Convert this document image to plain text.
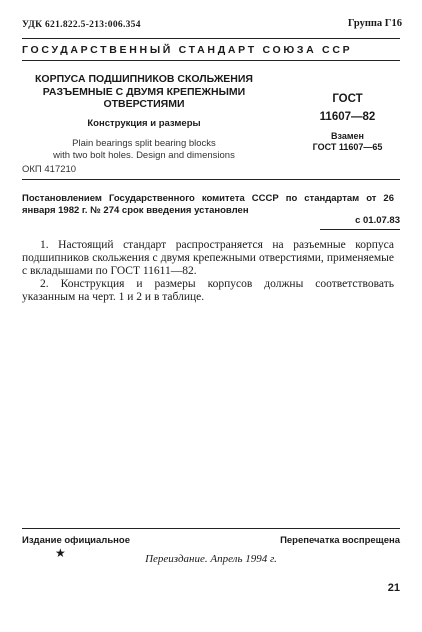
УДК 621.822.5-213:006.354	Группа Г16
ГОСУДАРСТВЕННЫЙ СТАНДАРТ СОЮЗА ССР
КОРПУСА ПОДШИПНИКОВ СКОЛЬЖЕНИЯ
РАЗЪЕМНЫЕ С ДВУМЯ КРЕПЕЖНЫМИ
ОТВЕРСТИЯМИ
Конструкция и размеры
Plain bearings split bearing blocks
with two bolt holes. Design and dimensions
ГОСТ
11607—82
Взамен
ГОСТ 11607—65
ОКП 417210
Постановлением Государственного комитета СССР по стандартам от 26 января 1982 г. № 274 срок введения установлен
с 01.07.83

1. Настоящий стандарт распространяется на разъемные корпуса подшипников скольжения с двумя крепежными отверстиями, применяемые с вкладышами по ГОСТ 11611—82.

2. Конструкция и размеры корпусов должны соответствовать указанным на черт. 1 и 2 и в таблице.

Издание официальное	Перепечатка воспрещена
★	Переиздание. Апрель 1994 г.
21
